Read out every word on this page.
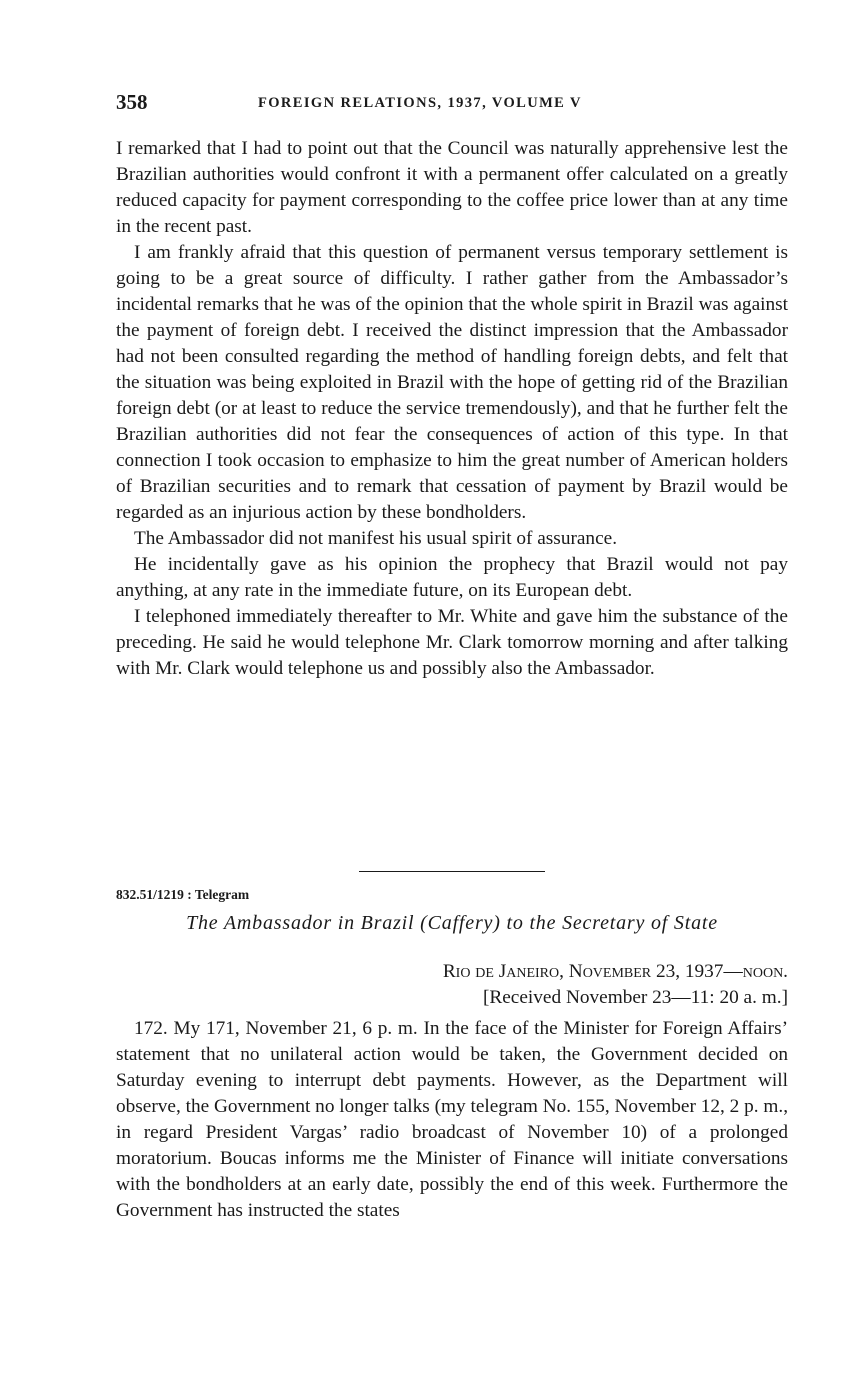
358	FOREIGN RELATIONS, 1937, VOLUME V

I remarked that I had to point out that the Council was naturally apprehensive lest the Brazilian authorities would confront it with a permanent offer calculated on a greatly reduced capacity for payment corresponding to the coffee price lower than at any time in the recent past.

I am frankly afraid that this question of permanent versus temporary settlement is going to be a great source of difficulty. I rather gather from the Ambassador’s incidental remarks that he was of the opinion that the whole spirit in Brazil was against the payment of foreign debt. I received the distinct impression that the Ambassador had not been consulted regarding the method of handling foreign debts, and felt that the situation was being exploited in Brazil with the hope of getting rid of the Brazilian foreign debt (or at least to reduce the service tremendously), and that he further felt the Brazilian authorities did not fear the consequences of action of this type. In that connection I took occasion to emphasize to him the great number of American holders of Brazilian securities and to remark that cessation of payment by Brazil would be regarded as an injurious action by these bondholders.

The Ambassador did not manifest his usual spirit of assurance.

He incidentally gave as his opinion the prophecy that Brazil would not pay anything, at any rate in the immediate future, on its European debt.

I telephoned immediately thereafter to Mr. White and gave him the substance of the preceding. He said he would telephone Mr. Clark tomorrow morning and after talking with Mr. Clark would telephone us and possibly also the Ambassador.

832.51/1219 : Telegram
The Ambassador in Brazil (Caffery) to the Secretary of State
Rio de Janeiro, November 23, 1937—noon.
[Received November 23—11: 20 a. m.]

172. My 171, November 21, 6 p. m. In the face of the Minister for Foreign Affairs’ statement that no unilateral action would be taken, the Government decided on Saturday evening to interrupt debt payments. However, as the Department will observe, the Government no longer talks (my telegram No. 155, November 12, 2 p. m., in regard President Vargas’ radio broadcast of November 10) of a prolonged moratorium. Boucas informs me the Minister of Finance will initiate conversations with the bondholders at an early date, possibly the end of this week. Furthermore the Government has instructed the states
